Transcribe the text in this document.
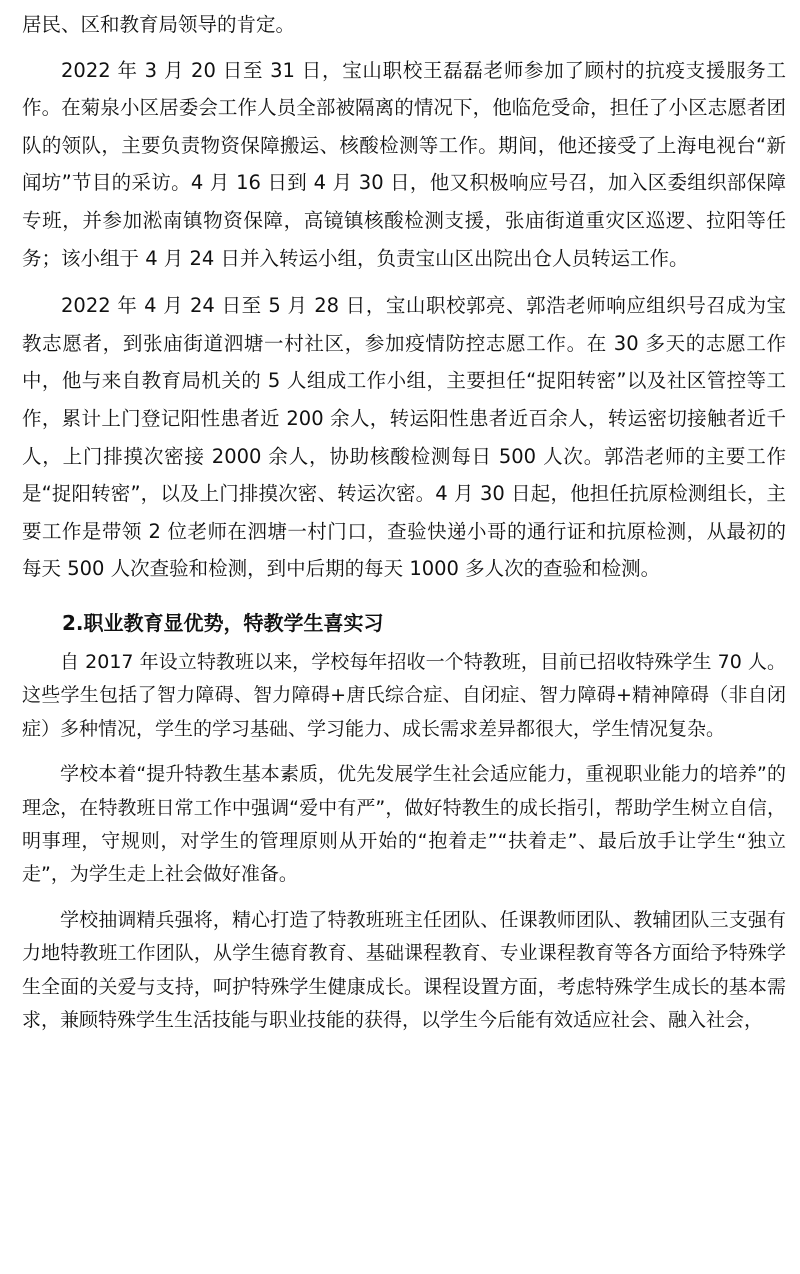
居民、区和教育局领导的肯定。

2022 年 3 月 20 日至 31 日，宝山职校王磊磊老师参加了顾村的抗疫支援服务工作。在菊泉小区居委会工作人员全部被隔离的情况下，他临危受命，担任了小区志愿者团队的领队，主要负责物资保障搬运、核酸检测等工作。期间，他还接受了上海电视台“新闻坊”节目的采访。4 月 16 日到 4 月 30 日，他又积极响应号召，加入区委组织部保障专班，并参加淞南镇物资保障，高镜镇核酸检测支援，张庙街道重灾区巡逻、拉阳等任务；该小组于 4 月 24 日并入转运小组，负责宝山区出院出仓人员转运工作。

2022 年 4 月 24 日至 5 月 28 日，宝山职校郭亮、郭浩老师响应组织号召成为宝教志愿者，到张庙街道泗塘一村社区，参加疫情防控志愿工作。在 30 多天的志愿工作中，他与来自教育局机关的 5 人组成工作小组，主要担任“捉阳转密”以及社区管控等工作，累计上门登记阳性患者近 200 余人，转运阳性患者近百余人，转运密切接触者近千人，上门排摸次密接 2000 余人，协助核酸检测每日 500 人次。郭浩老师的主要工作是“捉阳转密”，以及上门排摸次密、转运次密。4 月 30 日起，他担任抗原检测组长，主要工作是带领 2 位老师在泗塘一村门口，查验快递小哥的通行证和抗原检测，从最初的每天 500 人次查验和检测，到中后期的每天 1000 多人次的查验和检测。

2.职业教育显优势，特教学生喜实习

自 2017 年设立特教班以来，学校每年招收一个特教班，目前已招收特殊学生 70 人。这些学生包括了智力障碍、智力障碍+唐氏综合症、自闭症、智力障碍+精神障碍（非自闭症）多种情况，学生的学习基础、学习能力、成长需求差异都很大，学生情况复杂。

学校本着“提升特教生基本素质，优先发展学生社会适应能力，重视职业能力的培养”的理念，在特教班日常工作中强调“爱中有严”，做好特教生的成长指引，帮助学生树立自信，明事理，守规则，对学生的管理原则从开始的“抱着走”“扶着走”、最后放手让学生“独立走”，为学生走上社会做好准备。

学校抽调精兵强将，精心打造了特教班班主任团队、任课教师团队、教辅团队三支强有力地特教班工作团队，从学生德育教育、基础课程教育、专业课程教育等各方面给予特殊学生全面的关爱与支持，呵护特殊学生健康成长。课程设置方面，考虑特殊学生成长的基本需求，兼顾特殊学生生活技能与职业技能的获得，以学生今后能有效适应社会、融入社会，
